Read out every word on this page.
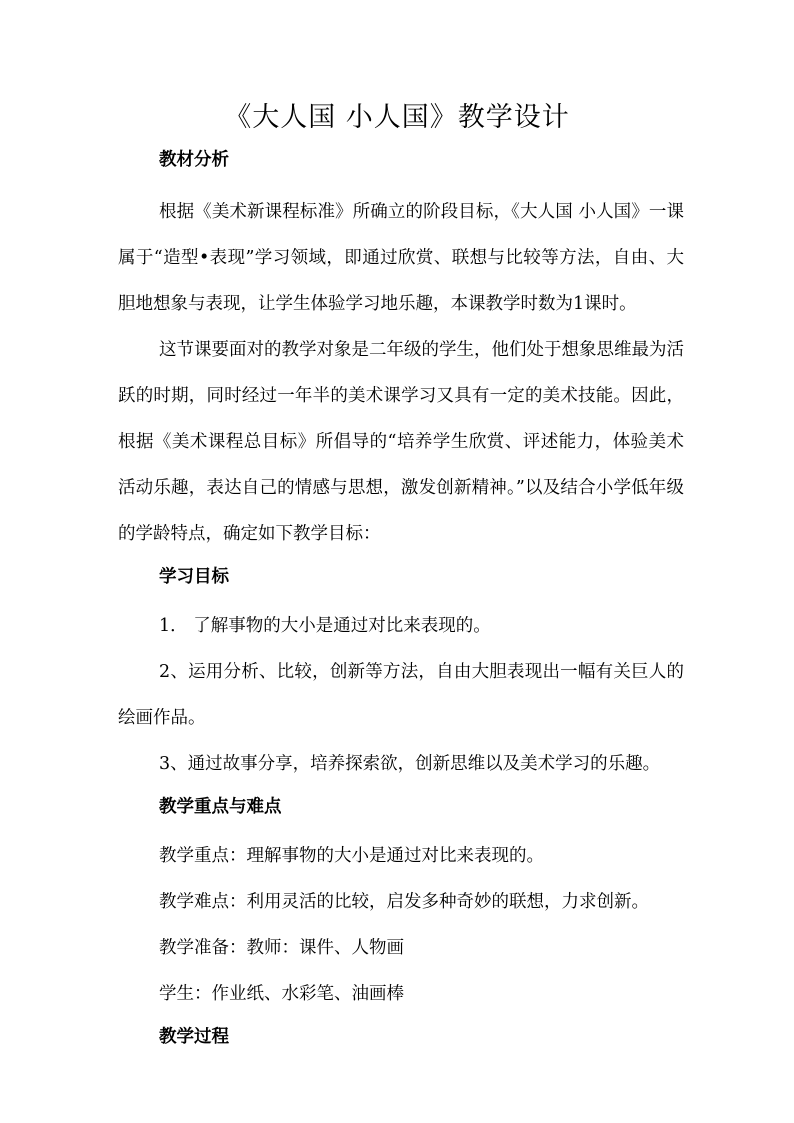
《大人国 小人国》教学设计

教材分析

根据《美术新课程标准》所确立的阶段目标，《大人国 小人国》一课属于“造型•表现”学习领域，即通过欣赏、联想与比较等方法，自由、大胆地想象与表现，让学生体验学习地乐趣，本课教学时数为1课时。

这节课要面对的教学对象是二年级的学生，他们处于想象思维最为活跃的时期，同时经过一年半的美术课学习又具有一定的美术技能。因此，根据《美术课程总目标》所倡导的“培养学生欣赏、评述能力，体验美术活动乐趣，表达自己的情感与思想，激发创新精神。”以及结合小学低年级的学龄特点，确定如下教学目标：

学习目标

1． 了解事物的大小是通过对比来表现的。

2、运用分析、比较，创新等方法，自由大胆表现出一幅有关巨人的绘画作品。

3、通过故事分享，培养探索欲，创新思维以及美术学习的乐趣。

教学重点与难点

教学重点：理解事物的大小是通过对比来表现的。

教学难点：利用灵活的比较，启发多种奇妙的联想，力求创新。

教学准备：教师：课件、人物画

学生：作业纸、水彩笔、油画棒

教学过程
